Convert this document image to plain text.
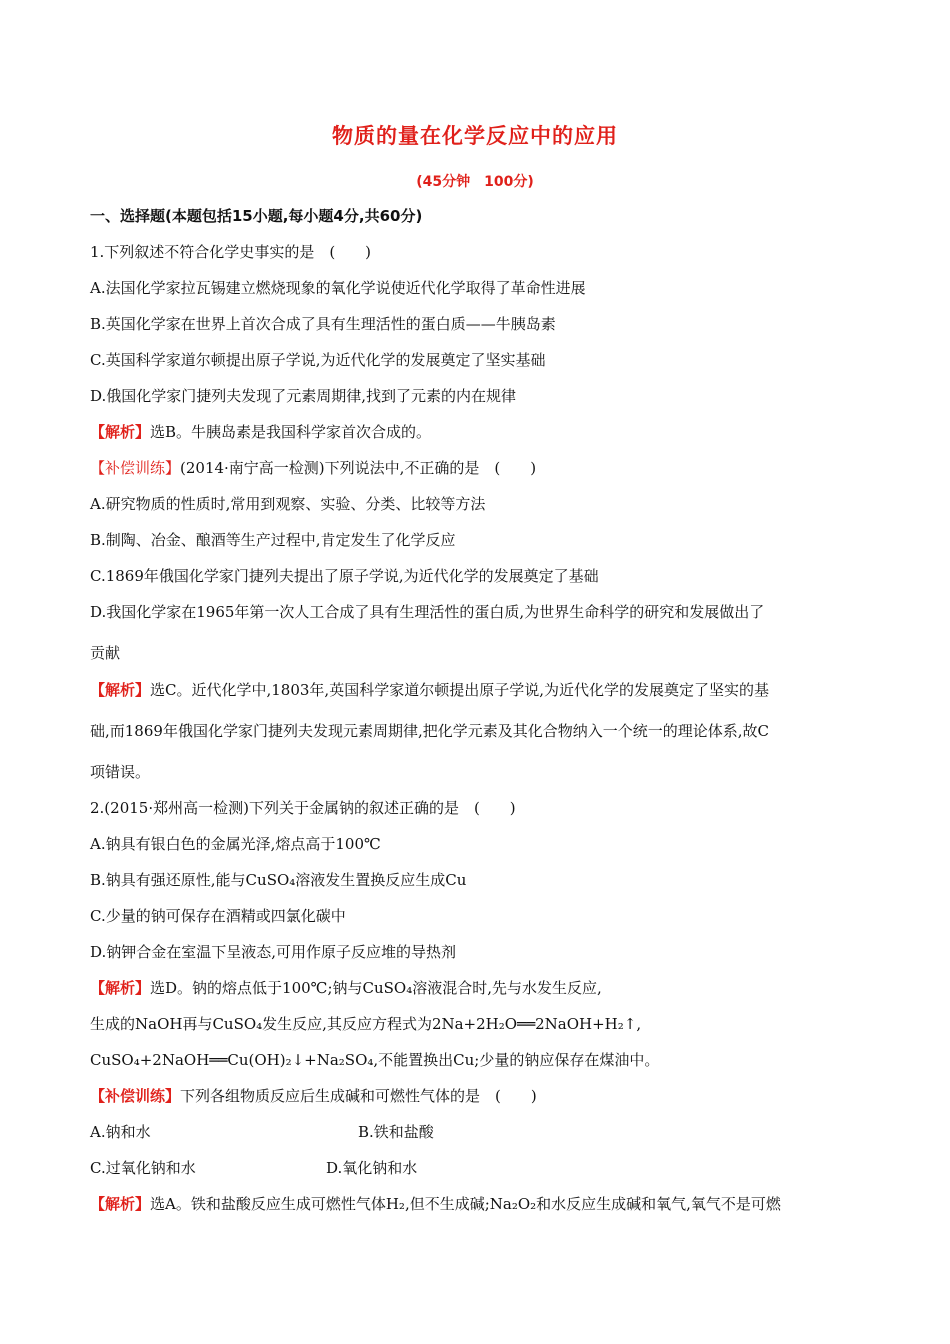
物质的量在化学反应中的应用
(45分钟　100分)
一、选择题(本题包括15小题,每小题4分,共60分)
1.下列叙述不符合化学史事实的是　(　　)
A.法国化学家拉瓦锡建立燃烧现象的氧化学说使近代化学取得了革命性进展
B.英国化学家在世界上首次合成了具有生理活性的蛋白质——牛胰岛素
C.英国科学家道尔顿提出原子学说,为近代化学的发展奠定了坚实基础
D.俄国化学家门捷列夫发现了元素周期律,找到了元素的内在规律
【解析】选B。牛胰岛素是我国科学家首次合成的。
【补偿训练】(2014·南宁高一检测)下列说法中,不正确的是　(　　)
A.研究物质的性质时,常用到观察、实验、分类、比较等方法
B.制陶、冶金、酿酒等生产过程中,肯定发生了化学反应
C.1869年俄国化学家门捷列夫提出了原子学说,为近代化学的发展奠定了基础
D.我国化学家在1965年第一次人工合成了具有生理活性的蛋白质,为世界生命科学的研究和发展做出了
贡献
【解析】选C。近代化学中,1803年,英国科学家道尔顿提出原子学说,为近代化学的发展奠定了坚实的基
础,而1869年俄国化学家门捷列夫发现元素周期律,把化学元素及其化合物纳入一个统一的理论体系,故C
项错误。
2.(2015·郑州高一检测)下列关于金属钠的叙述正确的是　(　　)
A.钠具有银白色的金属光泽,熔点高于100℃
B.钠具有强还原性,能与CuSO₄溶液发生置换反应生成Cu
C.少量的钠可保存在酒精或四氯化碳中
D.钠钾合金在室温下呈液态,可用作原子反应堆的导热剂
【解析】选D。钠的熔点低于100℃;钠与CuSO₄溶液混合时,先与水发生反应,
生成的NaOH再与CuSO₄发生反应,其反应方程式为2Na+2H₂O══2NaOH+H₂↑,
CuSO₄+2NaOH══Cu(OH)₂↓+Na₂SO₄,不能置换出Cu;少量的钠应保存在煤油中。
【补偿训练】下列各组物质反应后生成碱和可燃性气体的是　(　　)
A.钠和水	B.铁和盐酸
C.过氧化钠和水	D.氧化钠和水
【解析】选A。铁和盐酸反应生成可燃性气体H₂,但不生成碱;Na₂O₂和水反应生成碱和氧气,氧气不是可燃
